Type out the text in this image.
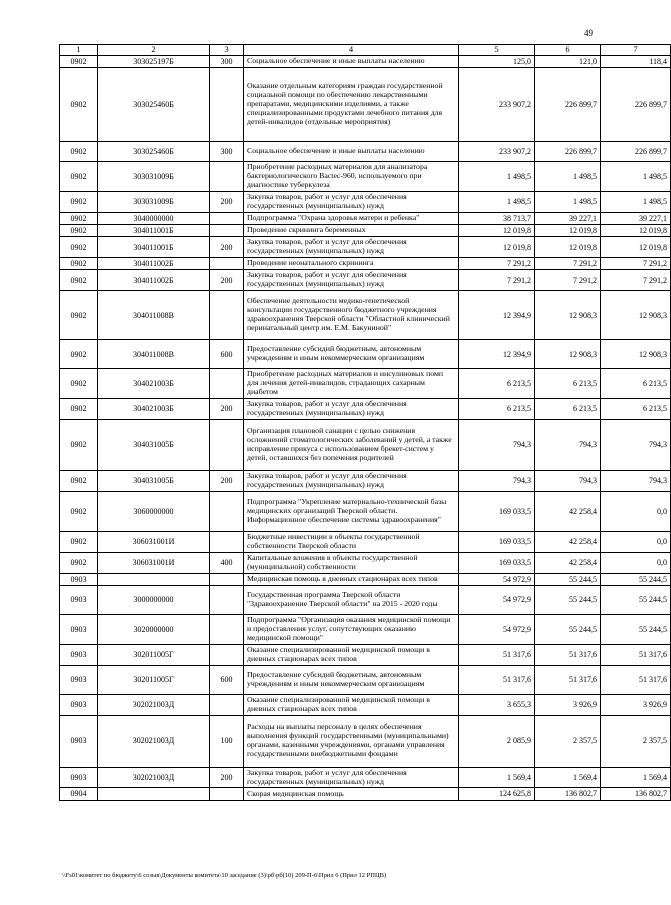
49
1	2	3	4	5	6	7
0902	303025197Б	300	Социальное обеспечение и иные выплаты населению	125,0	121,0	118,4
0902	303025460Б		Оказание отдельным категориям граждан государственной социальной помощи по обеспечению лекарственными препаратами, медицинскими изделиями, а также специализированными продуктами лечебного питания для детей-инвалидов (отдельные мероприятия)	233 907,2	226 899,7	226 899,7
0902	303025460Б	300	Социальное обеспечение и иные выплаты населению	233 907,2	226 899,7	226 899,7
0902	303031009Б		Приобретение расходных материалов для анализатора бактериологического Bactec-960, используемого при диагностике туберкулеза	1 498,5	1 498,5	1 498,5
0902	303031009Б	200	Закупка товаров, работ и услуг для обеспечения государственных (муниципальных) нужд	1 498,5	1 498,5	1 498,5
0902	3040000000		Подпрограмма "Охрана здоровья матери и ребенка"	38 713,7	39 227,1	39 227,1
0902	304011001Б		Проведение скрининга беременных	12 019,8	12 019,8	12 019,8
0902	304011001Б	200	Закупка товаров, работ и услуг для обеспечения государственных (муниципальных) нужд	12 019,8	12 019,8	12 019,8
0902	304011002Б		Проведение неонатального скрининга	7 291,2	7 291,2	7 291,2
0902	304011002Б	200	Закупка товаров, работ и услуг для обеспечения государственных (муниципальных) нужд	7 291,2	7 291,2	7 291,2
0902	304011008В		Обеспечение деятельности медико-генетической консультации государственного бюджетного учреждения здравоохранения Тверской области "Областной клинический перинатальный центр им. Е.М. Бакуниной"	12 394,9	12 908,3	12 908,3
0902	304011008В	600	Предоставление субсидий бюджетным, автономным учреждениям и иным некоммерческим организациям	12 394,9	12 908,3	12 908,3
0902	304021003Б		Приобретение расходных материалов и инсулиновых помп для лечения детей-инвалидов, страдающих сахарным диабетом	6 213,5	6 213,5	6 213,5
0902	304021003Б	200	Закупка товаров, работ и услуг для обеспечения государственных (муниципальных) нужд	6 213,5	6 213,5	6 213,5
0902	304031005Б		Организация плановой санации с целью снижения осложнений стоматологических заболеваний у детей, а также исправление прикуса с использованием брекет-систем у детей, оставшихся без попечения родителей	794,3	794,3	794,3
0902	304031005Б	200	Закупка товаров, работ и услуг для обеспечения государственных (муниципальных) нужд	794,3	794,3	794,3
0902	3060000000		Подпрограмма "Укрепление материально-технической базы медицинских организаций Тверской области. Информационное обеспечение системы здравоохранения"	169 033,5	42 258,4	0,0
0902	306031001И		Бюджетные инвестиции в объекты государственной собственности Тверской области	169 033,5	42 258,4	0,0
0902	306031001И	400	Капитальные вложения в объекты государственной (муниципальной) собственности	169 033,5	42 258,4	0,0
0903			Медицинская помощь в дневных стационарах всех типов	54 972,9	55 244,5	55 244,5
0903	3000000000		Государственная программа Тверской области "Здравоохранение Тверской области" на 2015 - 2020 годы	54 972,9	55 244,5	55 244,5
0903	3020000000		Подпрограмма "Организация оказания медицинской помощи и предоставления услуг, сопутствующих оказанию медицинской помощи"	54 972,9	55 244,5	55 244,5
0903	302011005Г		Оказание специализированной медицинской помощи в дневных стационарах всех типов	51 317,6	51 317,6	51 317,6
0903	302011005Г	600	Предоставление субсидий бюджетным, автономным учреждениям и иным некоммерческим организациям	51 317,6	51 317,6	51 317,6
0903	302021003Д		Оказание специализированной медицинской помощи в дневных стационарах всех типов	3 655,3	3 926,9	3 926,9
0903	302021003Д	100	Расходы на выплаты персоналу в целях обеспечения выполнения функций государственными (муниципальными) органами, казенными учреждениями, органами управления государственными внебюджетными фондами	2 085,9	2 357,5	2 357,5
0903	302021003Д	200	Закупка товаров, работ и услуг для обеспечения государственных (муниципальных) нужд	1 569,4	1 569,4	1 569,4
0904			Скорая медицинская помощь	124 625,8	136 802,7	136 802,7
\\Fs01\комитет по бюджету\6 созыв\Документы комитета\10 заседание (3)\рб\рб(10) 209-П-6\Прил 6 (Прил 12 РПЦВ)
